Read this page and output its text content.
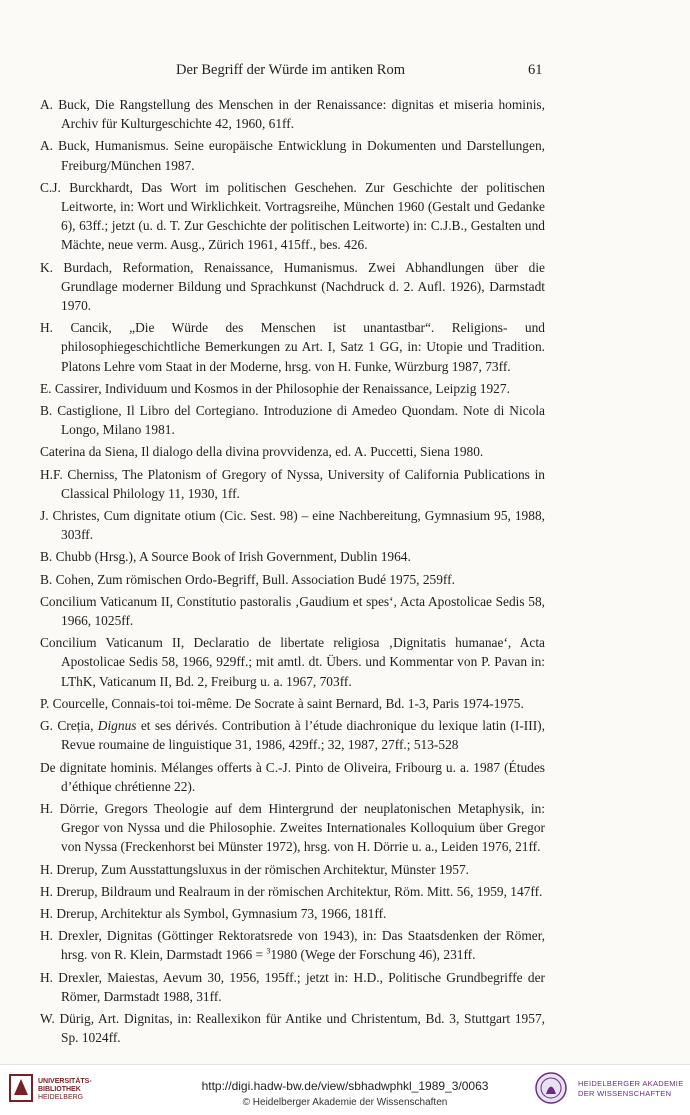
Der Begriff der Würde im antiken Rom	61

A. Buck, Die Rangstellung des Menschen in der Renaissance: dignitas et miseria hominis, Archiv für Kulturgeschichte 42, 1960, 61ff.

A. Buck, Humanismus. Seine europäische Entwicklung in Dokumenten und Darstellungen, Freiburg/München 1987.

C.J. Burckhardt, Das Wort im politischen Geschehen. Zur Geschichte der politischen Leitworte, in: Wort und Wirklichkeit. Vortragsreihe, München 1960 (Gestalt und Gedanke 6), 63ff.; jetzt (u. d. T. Zur Geschichte der politischen Leitworte) in: C.J.B., Gestalten und Mächte, neue verm. Ausg., Zürich 1961, 415ff., bes. 426.

K. Burdach, Reformation, Renaissance, Humanismus. Zwei Abhandlungen über die Grundlage moderner Bildung und Sprachkunst (Nachdruck d. 2. Aufl. 1926), Darmstadt 1970.

H. Cancik, „Die Würde des Menschen ist unantastbar“. Religions- und philosophiegeschichtliche Bemerkungen zu Art. I, Satz 1 GG, in: Utopie und Tradition. Platons Lehre vom Staat in der Moderne, hrsg. von H. Funke, Würzburg 1987, 73ff.

E. Cassirer, Individuum und Kosmos in der Philosophie der Renaissance, Leipzig 1927.

B. Castiglione, Il Libro del Cortegiano. Introduzione di Amedeo Quondam. Note di Nicola Longo, Milano 1981.

Caterina da Siena, Il dialogo della divina provvidenza, ed. A. Puccetti, Siena 1980.

H.F. Cherniss, The Platonism of Gregory of Nyssa, University of California Publications in Classical Philology 11, 1930, 1ff.

J. Christes, Cum dignitate otium (Cic. Sest. 98) – eine Nachbereitung, Gymnasium 95, 1988, 303ff.

B. Chubb (Hrsg.), A Source Book of Irish Government, Dublin 1964.

B. Cohen, Zum römischen Ordo-Begriff, Bull. Association Budé 1975, 259ff.

Concilium Vaticanum II, Constitutio pastoralis ‚Gaudium et spes‘, Acta Apostolicae Sedis 58, 1966, 1025ff.

Concilium Vaticanum II, Declaratio de libertate religiosa ‚Dignitatis humanae‘, Acta Apostolicae Sedis 58, 1966, 929ff.; mit amtl. dt. Übers. und Kommentar von P. Pavan in: LThK, Vaticanum II, Bd. 2, Freiburg u. a. 1967, 703ff.

P. Courcelle, Connais-toi toi-même. De Socrate à saint Bernard, Bd. 1-3, Paris 1974-1975.

G. Creția, Dignus et ses dérivés. Contribution à l’étude diachronique du lexique latin (I-III), Revue roumaine de linguistique 31, 1986, 429ff.; 32, 1987, 27ff.; 513-528

De dignitate hominis. Mélanges offerts à C.-J. Pinto de Oliveira, Fribourg u. a. 1987 (Études d’éthique chrétienne 22).

H. Dörrie, Gregors Theologie auf dem Hintergrund der neuplatonischen Metaphysik, in: Gregor von Nyssa und die Philosophie. Zweites Internationales Kolloquium über Gregor von Nyssa (Freckenhorst bei Münster 1972), hrsg. von H. Dörrie u. a., Leiden 1976, 21ff.

H. Drerup, Zum Ausstattungsluxus in der römischen Architektur, Münster 1957.

H. Drerup, Bildraum und Realraum in der römischen Architektur, Röm. Mitt. 56, 1959, 147ff.

H. Drerup, Architektur als Symbol, Gymnasium 73, 1966, 181ff.

H. Drexler, Dignitas (Göttinger Rektoratsrede von 1943), in: Das Staatsdenken der Römer, hrsg. von R. Klein, Darmstadt 1966 = $^3$1980 (Wege der Forschung 46), 231ff.

H. Drexler, Maiestas, Aevum 30, 1956, 195ff.; jetzt in: H.D., Politische Grundbegriffe der Römer, Darmstadt 1988, 31ff.

W. Dürig, Art. Dignitas, in: Reallexikon für Antike und Christentum, Bd. 3, Stuttgart 1957, Sp. 1024ff.

UNIVERSITÄTS-
BIBLIOTHEK
HEIDELBERG
http://digi.hadw-bw.de/view/sbhadwphkl_1989_3/0063
© Heidelberger Akademie der Wissenschaften
HEIDELBERGER AKADEMIE
DER WISSENSCHAFTEN
